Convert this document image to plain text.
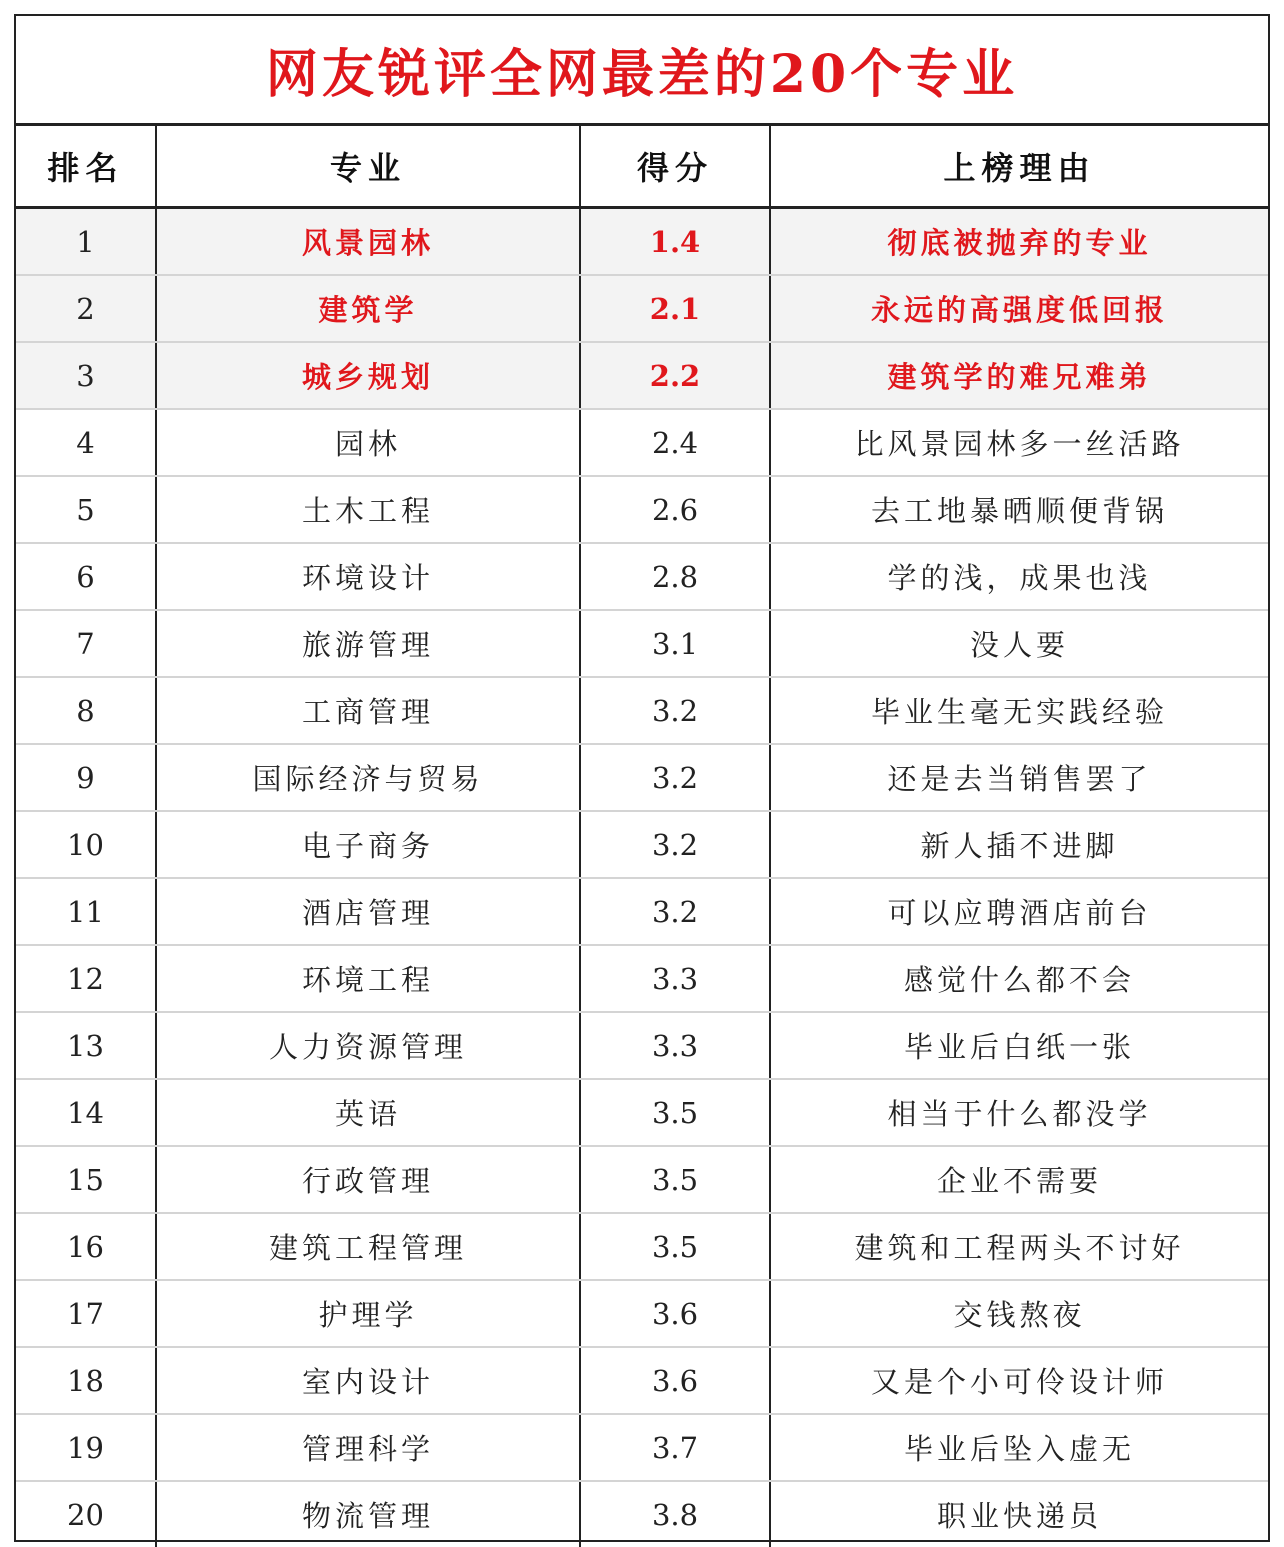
网友锐评全网最差的20个专业
排名	专业	得分	上榜理由
1	风景园林	1.4	彻底被抛弃的专业
2	建筑学	2.1	永远的高强度低回报
3	城乡规划	2.2	建筑学的难兄难弟
4	园林	2.4	比风景园林多一丝活路
5	土木工程	2.6	去工地暴晒顺便背锅
6	环境设计	2.8	学的浅，成果也浅
7	旅游管理	3.1	没人要
8	工商管理	3.2	毕业生毫无实践经验
9	国际经济与贸易	3.2	还是去当销售罢了
10	电子商务	3.2	新人插不进脚
11	酒店管理	3.2	可以应聘酒店前台
12	环境工程	3.3	感觉什么都不会
13	人力资源管理	3.3	毕业后白纸一张
14	英语	3.5	相当于什么都没学
15	行政管理	3.5	企业不需要
16	建筑工程管理	3.5	建筑和工程两头不讨好
17	护理学	3.6	交钱熬夜
18	室内设计	3.6	又是个小可伶设计师
19	管理科学	3.7	毕业后坠入虚无
20	物流管理	3.8	职业快递员
